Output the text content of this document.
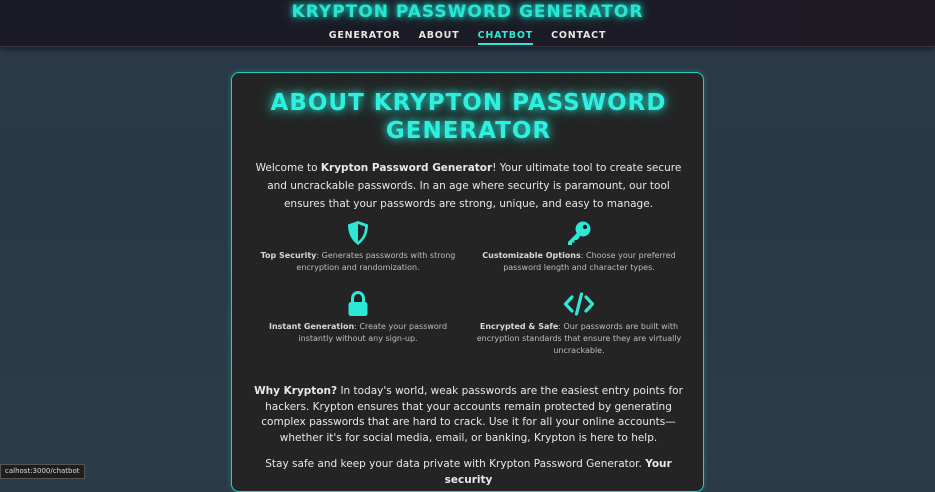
KRYPTON PASSWORD GENERATOR
GENERATOR ABOUT CHATBOT CONTACT
ABOUT KRYPTON PASSWORD GENERATOR

Welcome to Krypton Password Generator! Your ultimate tool to create secure and uncrackable passwords. In an age where security is paramount, our tool ensures that your passwords are strong, unique, and easy to manage.

Top Security: Generates passwords with strong encryption and randomization.
Customizable Options: Choose your preferred password length and character types.
Instant Generation: Create your password instantly without any sign-up.
Encrypted & Safe: Our passwords are built with encryption standards that ensure they are virtually uncrackable.

Why Krypton? In today's world, weak passwords are the easiest entry points for hackers. Krypton ensures that your accounts remain protected by generating complex passwords that are hard to crack. Use it for all your online accounts—whether it's for social media, email, or banking, Krypton is here to help.

Stay safe and keep your data private with Krypton Password Generator. Your security

calhost:3000/chatbot
